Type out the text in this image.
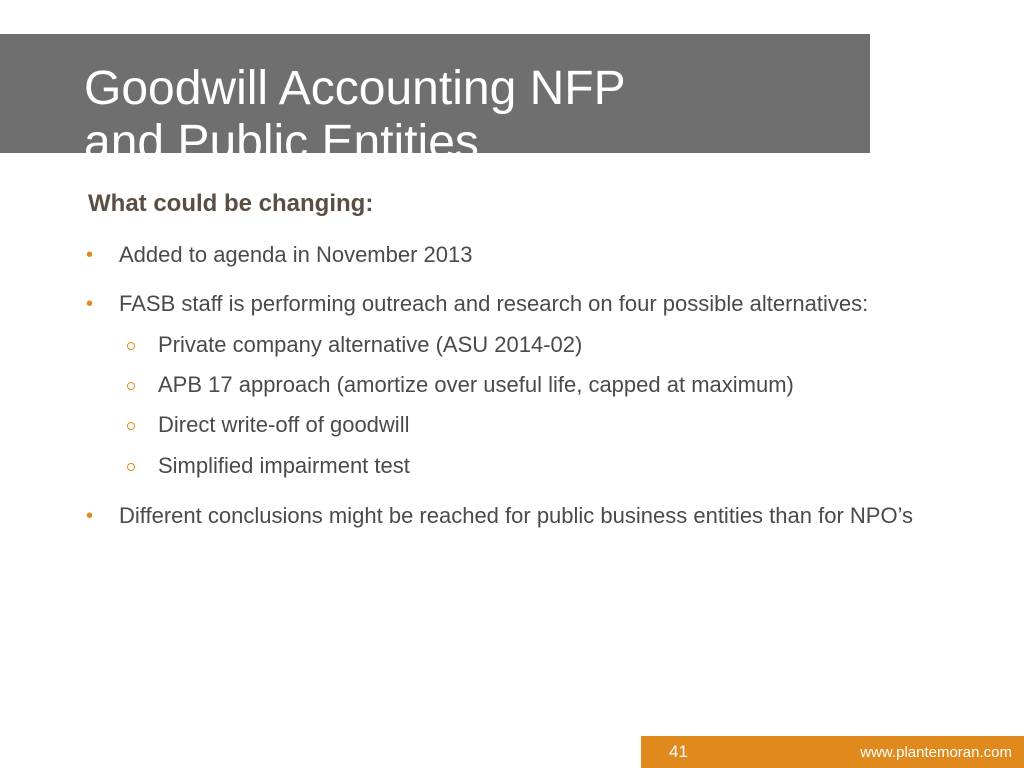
Goodwill Accounting NFP
and Public Entities
What could be changing:
• Added to agenda in November 2013
• FASB staff is performing outreach and research on four possible alternatives:
Private company alternative (ASU 2014-02)
APB 17 approach (amortize over useful life, capped at maximum)
Direct write-off of goodwill
Simplified impairment test
• Different conclusions might be reached for public business entities than for NPO’s
41	www.plantemoran.com
